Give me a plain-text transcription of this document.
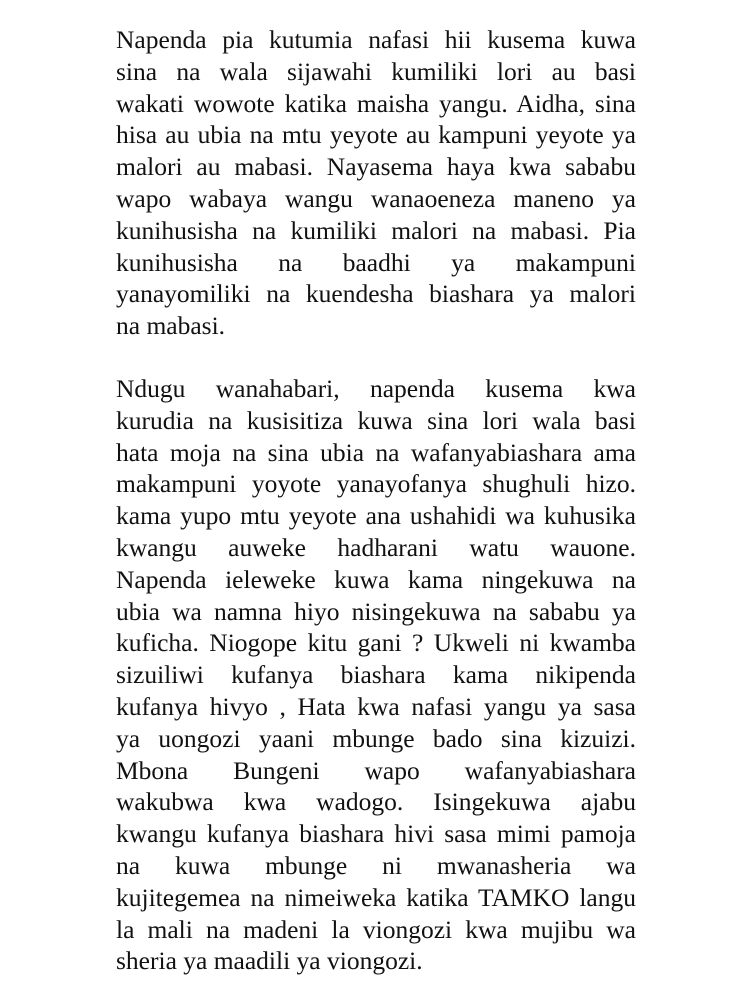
Napenda pia kutumia nafasi hii kusema kuwa
sina na wala sijawahi kumiliki lori au basi
wakati wowote katika maisha yangu. Aidha, sina
hisa au ubia na mtu yeyote au kampuni yeyote ya
malori au mabasi. Nayasema haya kwa sababu
wapo wabaya wangu wanaoeneza maneno ya
kunihusisha na kumiliki malori na mabasi. Pia
kunihusisha na baadhi ya makampuni
yanayomiliki na kuendesha biashara ya malori
na mabasi.
Ndugu wanahabari, napenda kusema kwa
kurudia na kusisitiza kuwa sina lori wala basi
hata moja na sina ubia na wafanyabiashara ama
makampuni yoyote yanayofanya shughuli hizo.
kama yupo mtu yeyote ana ushahidi wa kuhusika
kwangu auweke hadharani watu wauone.
Napenda ieleweke kuwa kama ningekuwa na
ubia wa namna hiyo nisingekuwa na sababu ya
kuficha. Niogope kitu gani ? Ukweli ni kwamba
sizuiliwi kufanya biashara kama nikipenda
kufanya hivyo , Hata kwa nafasi yangu ya sasa
ya uongozi yaani mbunge bado sina kizuizi.
Mbona Bungeni wapo wafanyabiashara
wakubwa kwa wadogo. Isingekuwa ajabu
kwangu kufanya biashara hivi sasa mimi pamoja
na kuwa mbunge ni mwanasheria wa
kujitegemea na nimeiweka katika TAMKO langu
la mali na madeni la viongozi kwa mujibu wa
sheria ya maadili ya viongozi.
